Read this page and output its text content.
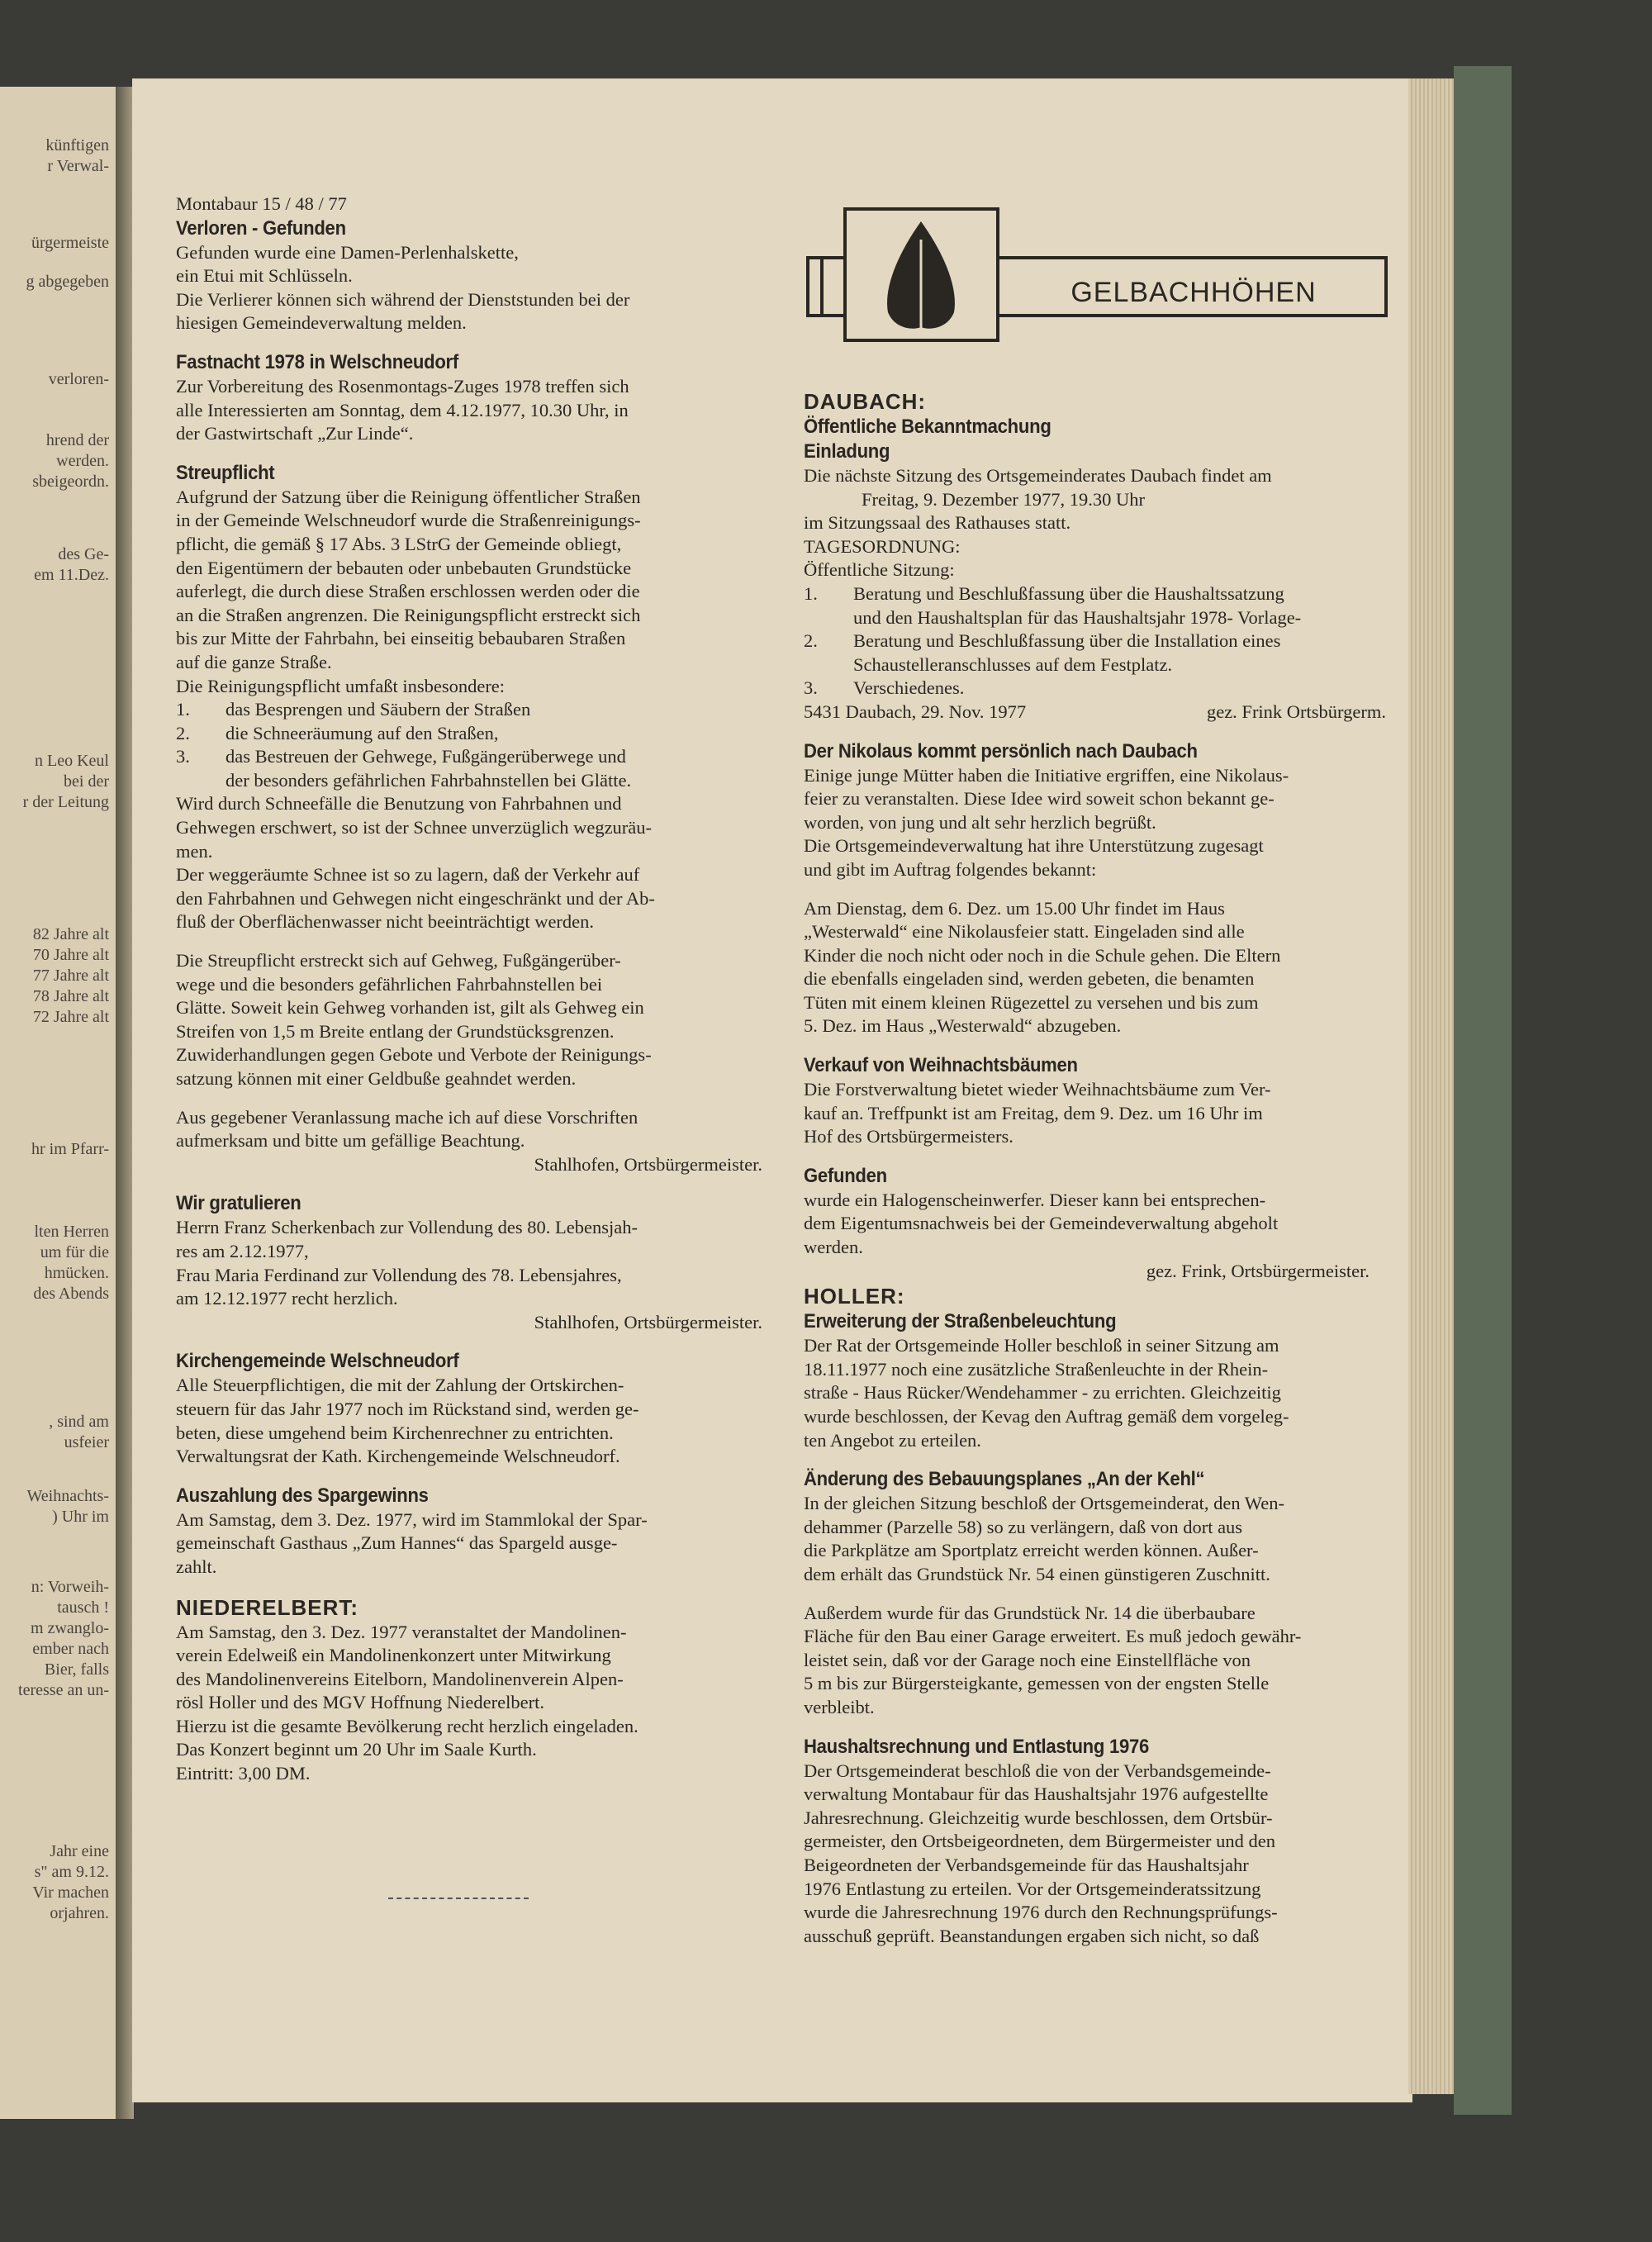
künftigen
r Verwal-
ürgermeiste
g abgegeben
verloren-
hrend der
werden.
sbeigeordn.
des Ge-
em 11.Dez.
n Leo Keul
bei der
r der Leitung
82 Jahre alt
70 Jahre alt
77 Jahre alt
78 Jahre alt
72 Jahre alt
hr im Pfarr-
lten Herren
um für die
hmücken.
des Abends
, sind am
usfeier
Weihnachts-
) Uhr im
n: Vorweih-
tausch !
m zwanglo-
ember nach
Bier, falls
teresse an un-
Jahr eine
s" am 9.12.
Vir machen
orjahren.
GELBACHHÖHEN

Montabaur 15 / 48 / 77

Verloren - Gefunden

Gefunden wurde eine Damen-Perlenhalskette,

ein Etui mit Schlüsseln.

Die Verlierer können sich während der Dienststunden bei der

hiesigen Gemeindeverwaltung melden.

Fastnacht 1978 in Welschneudorf

Zur Vorbereitung des Rosenmontags-Zuges 1978 treffen sich

alle Interessierten am Sonntag, dem 4.12.1977, 10.30 Uhr, in

der Gastwirtschaft „Zur Linde“.

Streupflicht

Aufgrund der Satzung über die Reinigung öffentlicher Straßen

in der Gemeinde Welschneudorf wurde die Straßenreinigungs-

pflicht, die gemäß § 17 Abs. 3 LStrG der Gemeinde obliegt,

den Eigentümern der bebauten oder unbebauten Grundstücke

auferlegt, die durch diese Straßen erschlossen werden oder die

an die Straßen angrenzen. Die Reinigungspflicht erstreckt sich

bis zur Mitte der Fahrbahn, bei einseitig bebaubaren Straßen

auf die ganze Straße.

Die Reinigungspflicht umfaßt insbesondere:

1.	das Besprengen und Säubern der Straßen
2.	die Schneeräumung auf den Straßen,
3.	das Bestreuen der Gehwege, Fußgängerüberwege und
der besonders gefährlichen Fahrbahnstellen bei Glätte.

Wird durch Schneefälle die Benutzung von Fahrbahnen und

Gehwegen erschwert, so ist der Schnee unverzüglich wegzuräu-

men.

Der weggeräumte Schnee ist so zu lagern, daß der Verkehr auf

den Fahrbahnen und Gehwegen nicht eingeschränkt und der Ab-

fluß der Oberflächenwasser nicht beeinträchtigt werden.

Die Streupflicht erstreckt sich auf Gehweg, Fußgängerüber-

wege und die besonders gefährlichen Fahrbahnstellen bei

Glätte. Soweit kein Gehweg vorhanden ist, gilt als Gehweg ein

Streifen von 1,5 m Breite entlang der Grundstücksgrenzen.

Zuwiderhandlungen gegen Gebote und Verbote der Reinigungs-

satzung können mit einer Geldbuße geahndet werden.

Aus gegebener Veranlassung mache ich auf diese Vorschriften

aufmerksam und bitte um gefällige Beachtung.

Stahlhofen, Ortsbürgermeister.

Wir gratulieren

Herrn Franz Scherkenbach zur Vollendung des 80. Lebensjah-

res am 2.12.1977,

Frau Maria Ferdinand zur Vollendung des 78. Lebensjahres,

am 12.12.1977 recht herzlich.

Stahlhofen, Ortsbürgermeister.

Kirchengemeinde Welschneudorf

Alle Steuerpflichtigen, die mit der Zahlung der Ortskirchen-

steuern für das Jahr 1977 noch im Rückstand sind, werden ge-

beten, diese umgehend beim Kirchenrechner zu entrichten.

Verwaltungsrat der Kath. Kirchengemeinde Welschneudorf.

Auszahlung des Spargewinns

Am Samstag, dem 3. Dez. 1977, wird im Stammlokal der Spar-

gemeinschaft Gasthaus „Zum Hannes“ das Spargeld ausge-

zahlt.

NIEDERELBERT:

Am Samstag, den 3. Dez. 1977 veranstaltet der Mandolinen-

verein Edelweiß ein Mandolinenkonzert unter Mitwirkung

des Mandolinenvereins Eitelborn, Mandolinenverein Alpen-

rösl Holler und des MGV Hoffnung Niederelbert.

Hierzu ist die gesamte Bevölkerung recht herzlich eingeladen.

Das Konzert beginnt um 20 Uhr im Saale Kurth.

Eintritt: 3,00 DM.

DAUBACH:

Öffentliche Bekanntmachung

Einladung

Die nächste Sitzung des Ortsgemeinderates Daubach findet am

Freitag, 9. Dezember 1977, 19.30 Uhr

im Sitzungssaal des Rathauses statt.

TAGESORDNUNG:

Öffentliche Sitzung:

1.	Beratung und Beschlußfassung über die Haushaltssatzung
und den Haushaltsplan für das Haushaltsjahr 1978- Vorlage-
2.	Beratung und Beschlußfassung über die Installation eines
Schaustelleranschlusses auf dem Festplatz.
3.	Verschiedenes.

5431 Daubach, 29. Nov. 1977	gez. Frink Ortsbürgerm.

Der Nikolaus kommt persönlich nach Daubach

Einige junge Mütter haben die Initiative ergriffen, eine Nikolaus-

feier zu veranstalten. Diese Idee wird soweit schon bekannt ge-

worden, von jung und alt sehr herzlich begrüßt.

Die Ortsgemeindeverwaltung hat ihre Unterstützung zugesagt

und gibt im Auftrag folgendes bekannt:

Am Dienstag, dem 6. Dez. um 15.00 Uhr findet im Haus

„Westerwald“ eine Nikolausfeier statt. Eingeladen sind alle

Kinder die noch nicht oder noch in die Schule gehen. Die Eltern

die ebenfalls eingeladen sind, werden gebeten, die benamten

Tüten mit einem kleinen Rügezettel zu versehen und bis zum

5. Dez. im Haus „Westerwald“ abzugeben.

Verkauf von Weihnachtsbäumen

Die Forstverwaltung bietet wieder Weihnachtsbäume zum Ver-

kauf an. Treffpunkt ist am Freitag, dem 9. Dez. um 16 Uhr im

Hof des Ortsbürgermeisters.

Gefunden

wurde ein Halogenscheinwerfer. Dieser kann bei entsprechen-

dem Eigentumsnachweis bei der Gemeindeverwaltung abgeholt

werden.

gez. Frink, Ortsbürgermeister.

HOLLER:

Erweiterung der Straßenbeleuchtung

Der Rat der Ortsgemeinde Holler beschloß in seiner Sitzung am

18.11.1977 noch eine zusätzliche Straßenleuchte in der Rhein-

straße - Haus Rücker/Wendehammer - zu errichten. Gleichzeitig

wurde beschlossen, der Kevag den Auftrag gemäß dem vorgeleg-

ten Angebot zu erteilen.

Änderung des Bebauungsplanes „An der Kehl“

In der gleichen Sitzung beschloß der Ortsgemeinderat, den Wen-

dehammer (Parzelle 58) so zu verlängern, daß von dort aus

die Parkplätze am Sportplatz erreicht werden können. Außer-

dem erhält das Grundstück Nr. 54 einen günstigeren Zuschnitt.

Außerdem wurde für das Grundstück Nr. 14 die überbaubare

Fläche für den Bau einer Garage erweitert. Es muß jedoch gewähr-

leistet sein, daß vor der Garage noch eine Einstellfläche von

5 m bis zur Bürgersteigkante, gemessen von der engsten Stelle

verbleibt.

Haushaltsrechnung und Entlastung 1976

Der Ortsgemeinderat beschloß die von der Verbandsgemeinde-

verwaltung Montabaur für das Haushaltsjahr 1976 aufgestellte

Jahresrechnung. Gleichzeitig wurde beschlossen, dem Ortsbür-

germeister, den Ortsbeigeordneten, dem Bürgermeister und den

Beigeordneten der Verbandsgemeinde für das Haushaltsjahr

1976 Entlastung zu erteilen. Vor der Ortsgemeinderatssitzung

wurde die Jahresrechnung 1976 durch den Rechnungsprüfungs-

ausschuß geprüft. Beanstandungen ergaben sich nicht, so daß
